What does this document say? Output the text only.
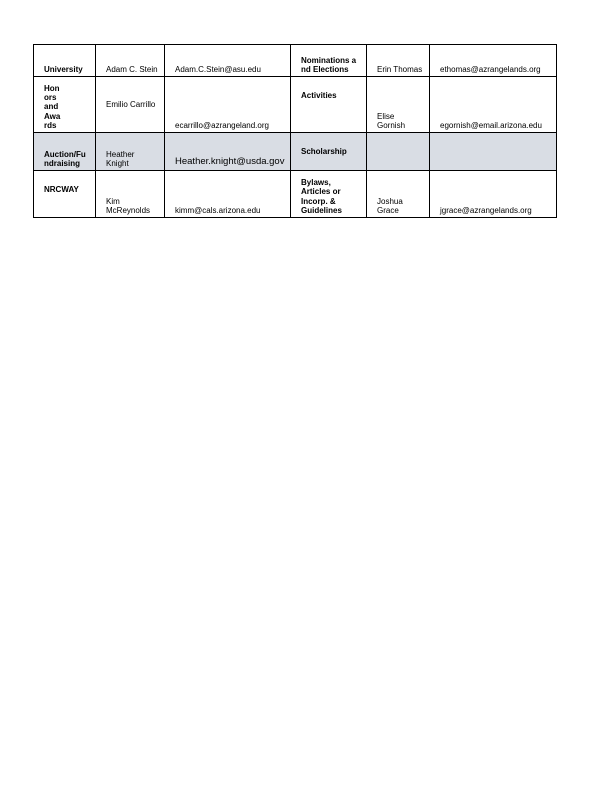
University	Adam C. Stein	Adam.C.Stein@asu.edu	Nominations and Elections	Erin Thomas	ethomas@azrangelands.org
Honors and Awards	Emilio Carrillo	ecarrillo@azrangeland.org	Activities	Elise Gornish	egornish@email.arizona.edu
Auction/Fundraising	Heather Knight	Heather.knight@usda.gov	Scholarship		
NRCWAY	Kim McReynolds	kimm@cals.arizona.edu	Bylaws, Articles or Incorp. & Guidelines	Joshua Grace	jgrace@azrangelands.org
